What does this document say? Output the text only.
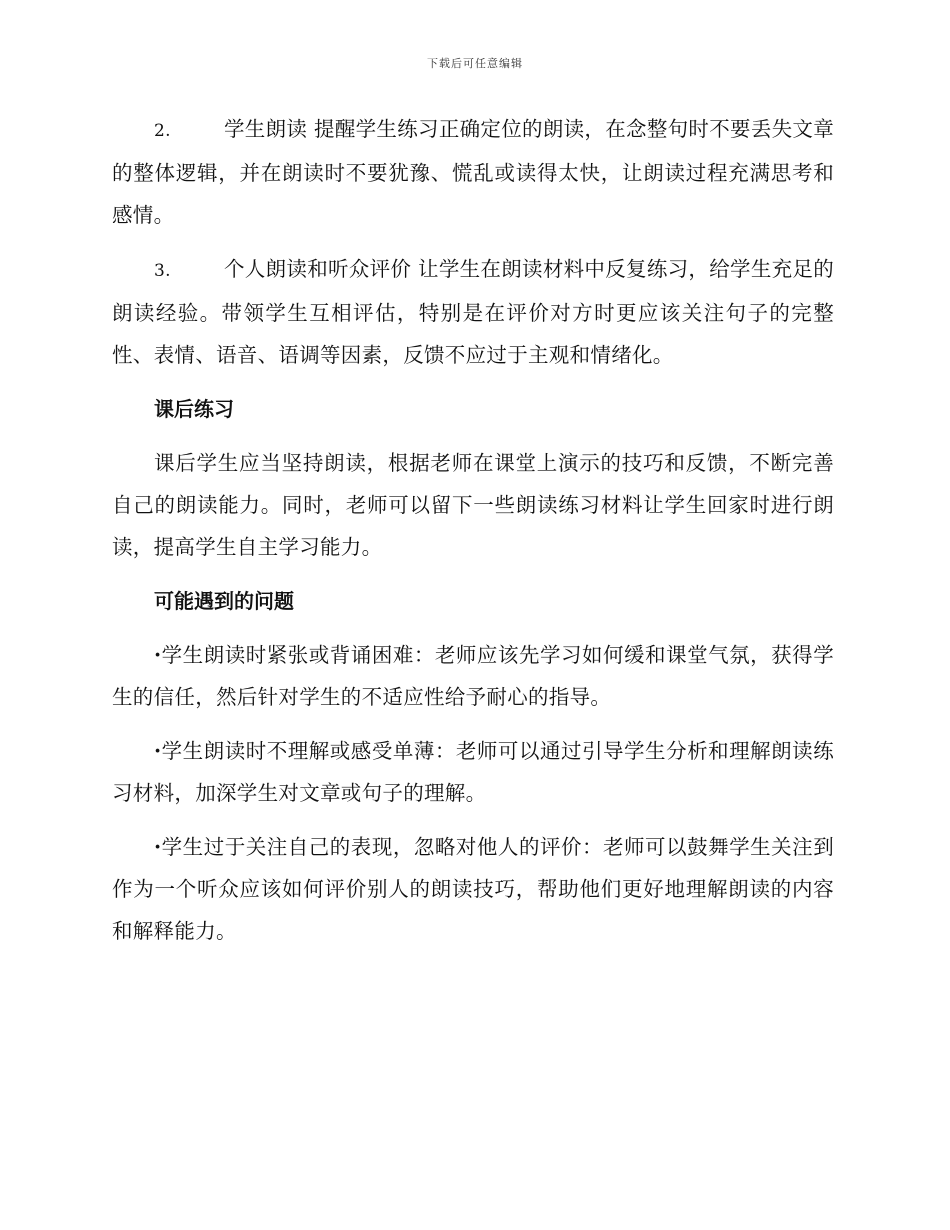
下载后可任意编辑

2.	学生朗读 提醒学生练习正确定位的朗读，在念整句时不要丢失文章的整体逻辑，并在朗读时不要犹豫、慌乱或读得太快，让朗读过程充满思考和感情。

3.	个人朗读和听众评价 让学生在朗读材料中反复练习，给学生充足的朗读经验。带领学生互相评估，特别是在评价对方时更应该关注句子的完整性、表情、语音、语调等因素，反馈不应过于主观和情绪化。

课后练习

课后学生应当坚持朗读，根据老师在课堂上演示的技巧和反馈，不断完善自己的朗读能力。同时，老师可以留下一些朗读练习材料让学生回家时进行朗读，提高学生自主学习能力。

可能遇到的问题

·学生朗读时紧张或背诵困难：老师应该先学习如何缓和课堂气氛，获得学生的信任，然后针对学生的不适应性给予耐心的指导。

·学生朗读时不理解或感受单薄：老师可以通过引导学生分析和理解朗读练习材料，加深学生对文章或句子的理解。

·学生过于关注自己的表现，忽略对他人的评价：老师可以鼓舞学生关注到作为一个听众应该如何评价别人的朗读技巧，帮助他们更好地理解朗读的内容和解释能力。
